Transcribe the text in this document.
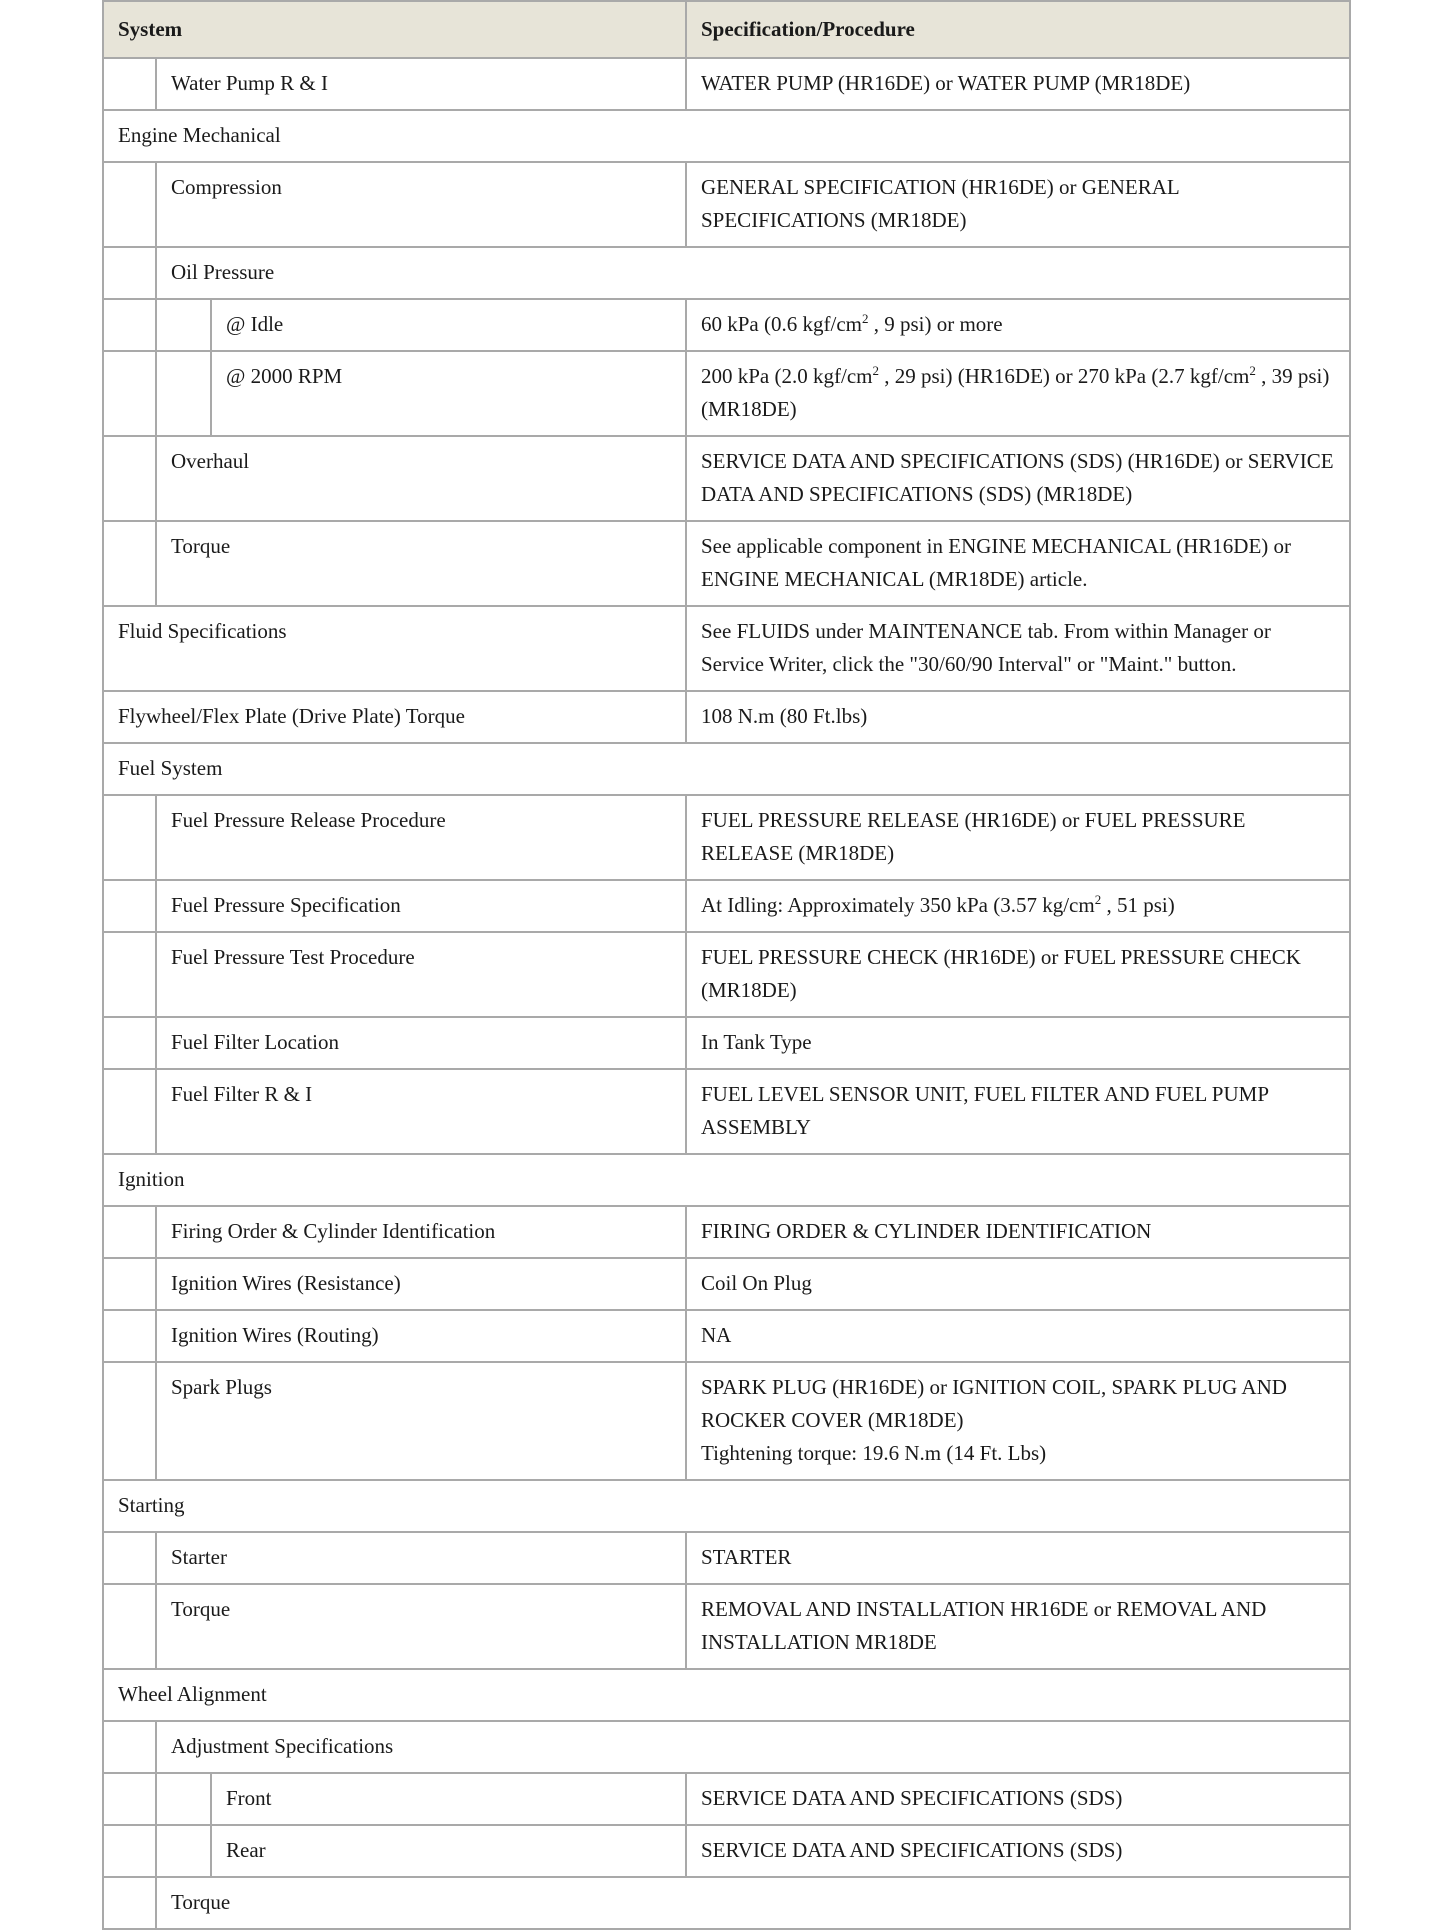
System			Specification/Procedure
	Water Pump R & I		WATER PUMP (HR16DE) or WATER PUMP (MR18DE)
Engine Mechanical			
	Compression		GENERAL SPECIFICATION (HR16DE) or GENERAL SPECIFICATIONS (MR18DE)
	Oil Pressure		
		@ Idle	60 kPa (0.6 kgf/$cm^2$ , 9 psi) or more
		@ 2000 RPM	200 kPa (2.0 kgf/$cm^2$ , 29 psi) (HR16DE) or 270 kPa (2.7 kgf/$cm^2$ , 39 psi) (MR18DE)
	Overhaul		SERVICE DATA AND SPECIFICATIONS (SDS) (HR16DE) or SERVICE DATA AND SPECIFICATIONS (SDS) (MR18DE)
	Torque		See applicable component in ENGINE MECHANICAL (HR16DE) or ENGINE MECHANICAL (MR18DE) article.
Fluid Specifications			See FLUIDS under MAINTENANCE tab. From within Manager or Service Writer, click the "30/60/90 Interval" or "Maint." button.
Flywheel/Flex Plate (Drive Plate) Torque			108 N.m (80 Ft.lbs)
Fuel System			
	Fuel Pressure Release Procedure		FUEL PRESSURE RELEASE (HR16DE) or FUEL PRESSURE RELEASE (MR18DE)
	Fuel Pressure Specification		At Idling: Approximately 350 kPa (3.57 $kg/cm^2$ , 51 psi)
	Fuel Pressure Test Procedure		FUEL PRESSURE CHECK (HR16DE) or FUEL PRESSURE CHECK (MR18DE)
	Fuel Filter Location		In Tank Type
	Fuel Filter R & I		FUEL LEVEL SENSOR UNIT, FUEL FILTER AND FUEL PUMP ASSEMBLY
Ignition			
	Firing Order & Cylinder Identification		FIRING ORDER & CYLINDER IDENTIFICATION
	Ignition Wires (Resistance)		Coil On Plug
	Ignition Wires (Routing)		NA
	Spark Plugs		SPARK PLUG (HR16DE) or IGNITION COIL, SPARK PLUG AND ROCKER COVER (MR18DE)
Tightening torque: 19.6 N.m (14 Ft. Lbs)

Starting			
	Starter		STARTER
	Torque		REMOVAL AND INSTALLATION HR16DE or REMOVAL AND INSTALLATION MR18DE
Wheel Alignment			
	Adjustment Specifications		
		Front	SERVICE DATA AND SPECIFICATIONS (SDS)
		Rear	SERVICE DATA AND SPECIFICATIONS (SDS)
	Torque		
